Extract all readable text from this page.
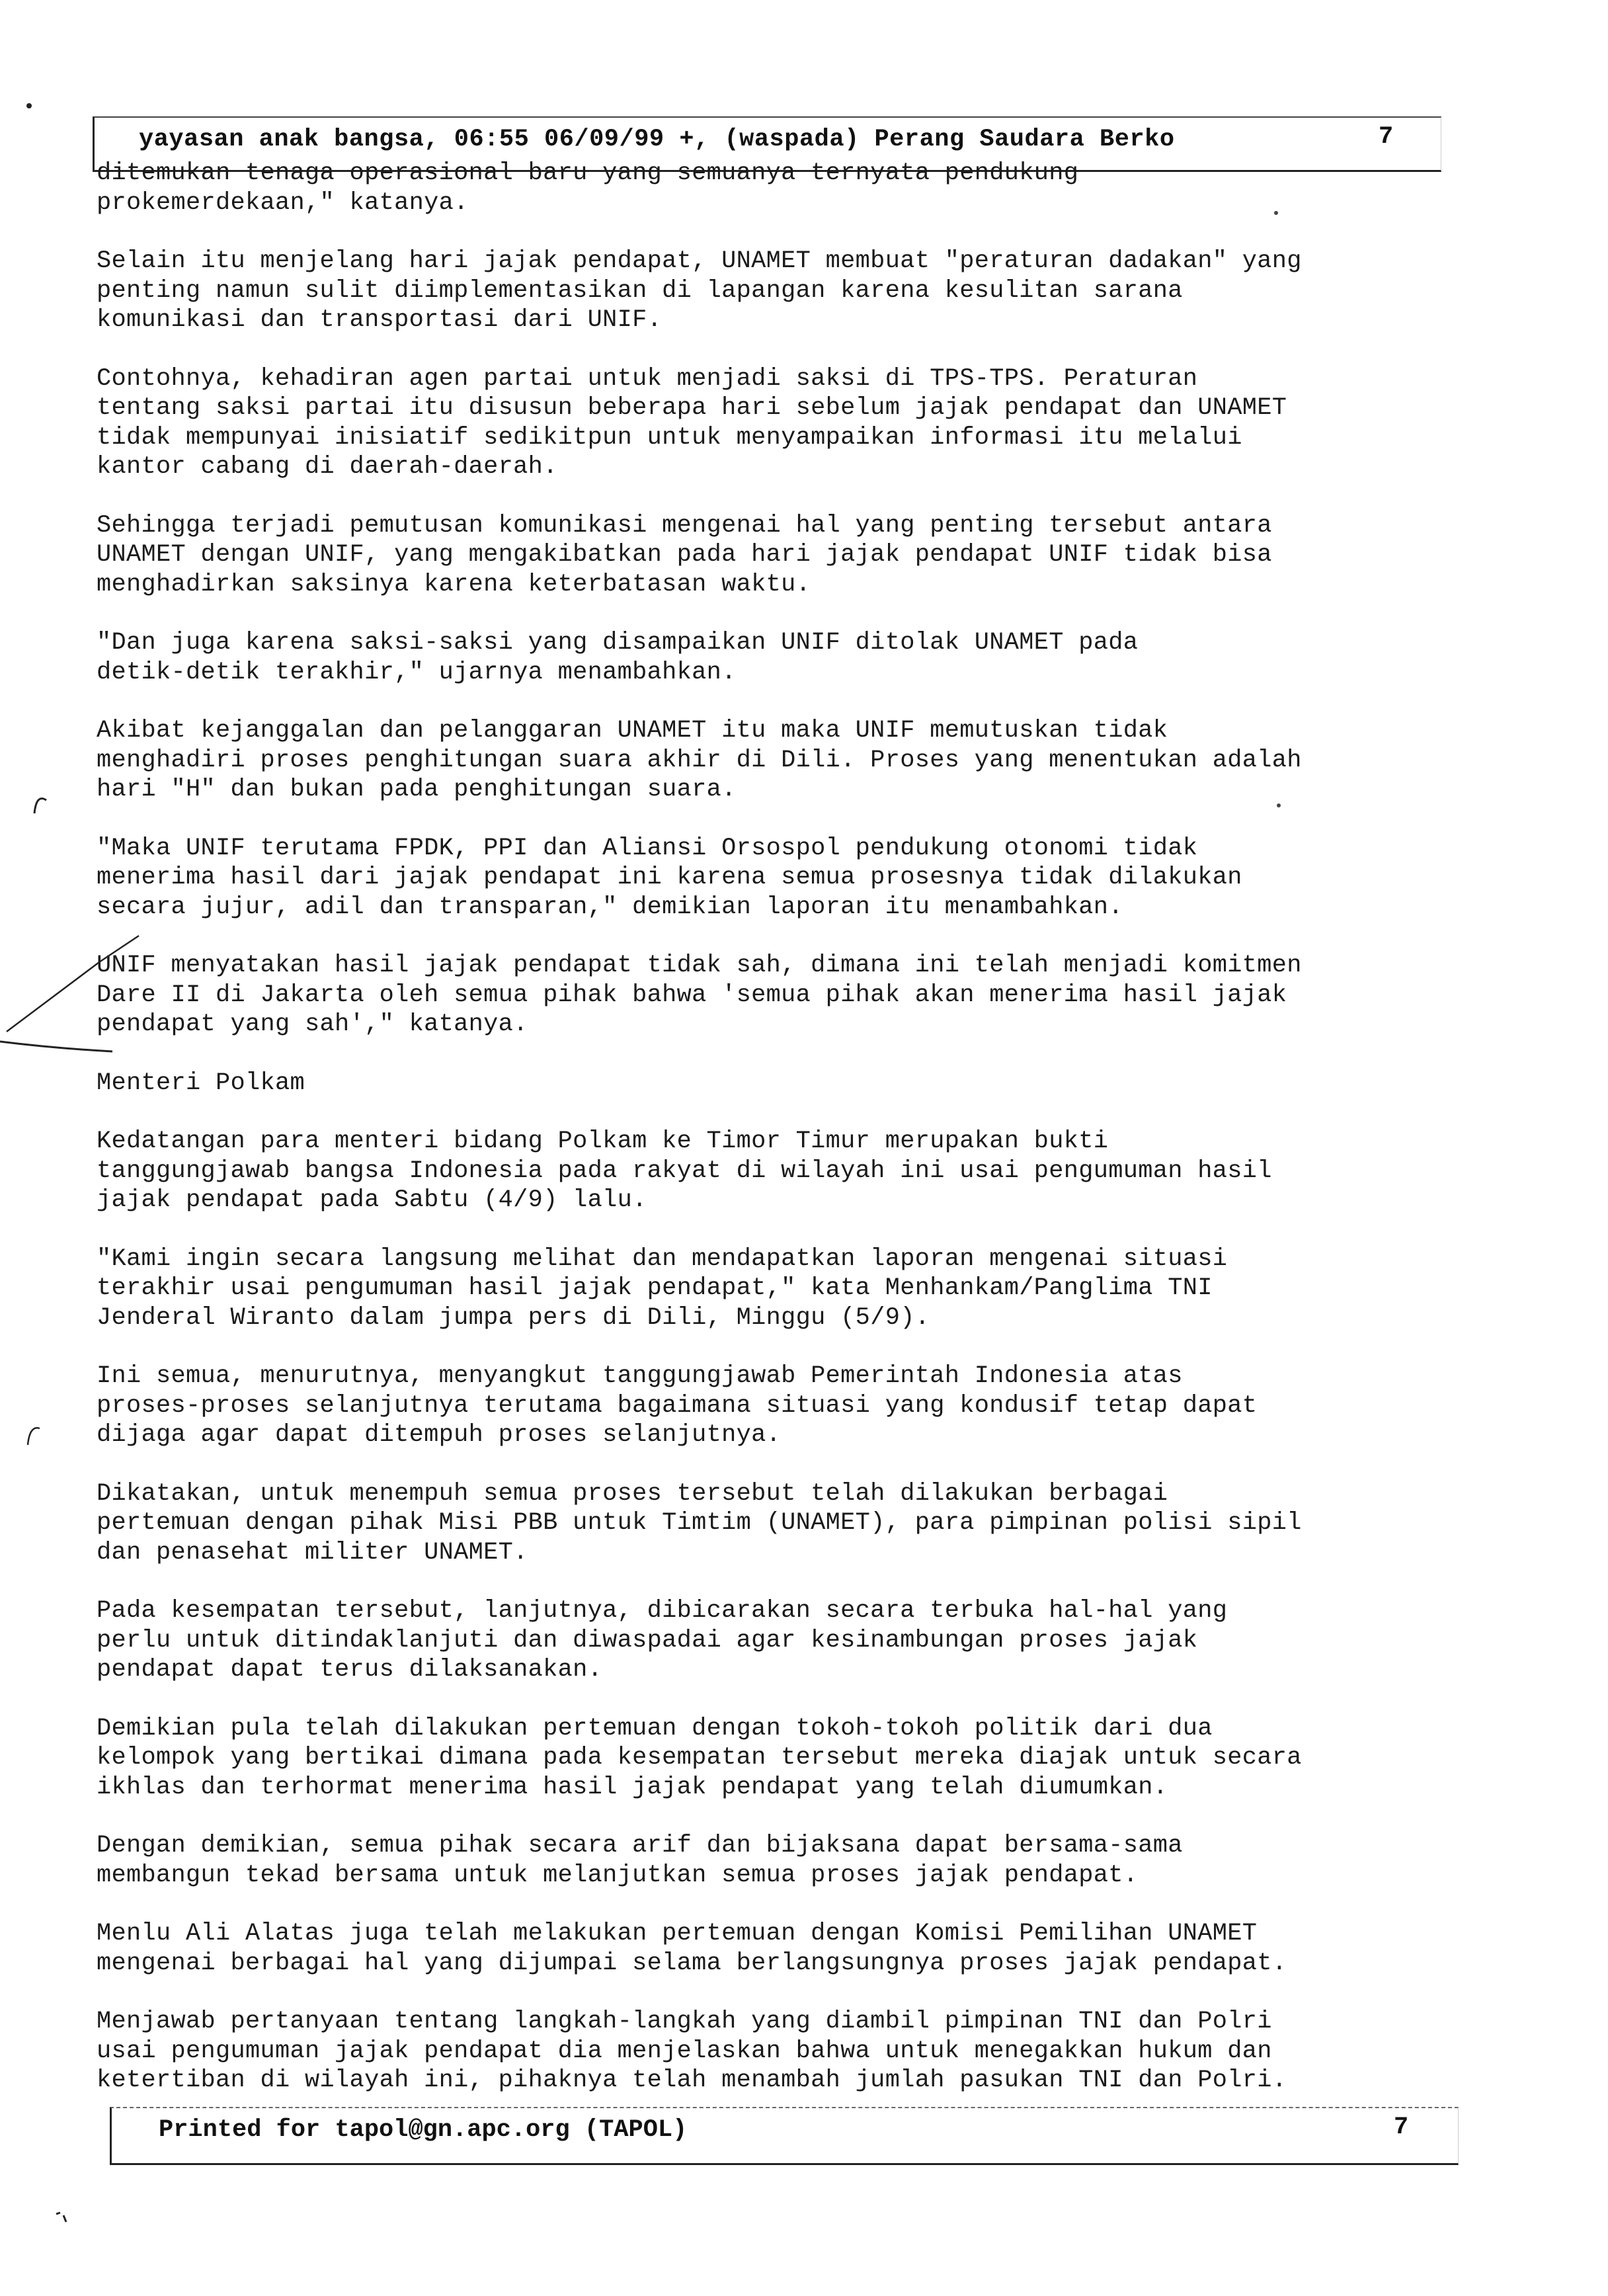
yayasan anak bangsa, 06:55 06/09/99 +, (waspada) Perang Saudara Berko	7

ditemukan tenaga operasional baru yang semuanya ternyata pendukung
prokemerdekaan," katanya.

Selain itu menjelang hari jajak pendapat, UNAMET membuat "peraturan dadakan" yang
penting namun sulit diimplementasikan di lapangan karena kesulitan sarana
komunikasi dan transportasi dari UNIF.

Contohnya, kehadiran agen partai untuk menjadi saksi di TPS-TPS. Peraturan
tentang saksi partai itu disusun beberapa hari sebelum jajak pendapat dan UNAMET
tidak mempunyai inisiatif sedikitpun untuk menyampaikan informasi itu melalui
kantor cabang di daerah-daerah.

Sehingga terjadi pemutusan komunikasi mengenai hal yang penting tersebut antara
UNAMET dengan UNIF, yang mengakibatkan pada hari jajak pendapat UNIF tidak bisa
menghadirkan saksinya karena keterbatasan waktu.

"Dan juga karena saksi-saksi yang disampaikan UNIF ditolak UNAMET pada
detik-detik terakhir," ujarnya menambahkan.

Akibat kejanggalan dan pelanggaran UNAMET itu maka UNIF memutuskan tidak
menghadiri proses penghitungan suara akhir di Dili. Proses yang menentukan adalah
hari "H" dan bukan pada penghitungan suara.

"Maka UNIF terutama FPDK, PPI dan Aliansi Orsospol pendukung otonomi tidak
menerima hasil dari jajak pendapat ini karena semua prosesnya tidak dilakukan
secara jujur, adil dan transparan," demikian laporan itu menambahkan.

UNIF menyatakan hasil jajak pendapat tidak sah, dimana ini telah menjadi komitmen
Dare II di Jakarta oleh semua pihak bahwa 'semua pihak akan menerima hasil jajak
pendapat yang sah'," katanya.

Menteri Polkam

Kedatangan para menteri bidang Polkam ke Timor Timur merupakan bukti
tanggungjawab bangsa Indonesia pada rakyat di wilayah ini usai pengumuman hasil
jajak pendapat pada Sabtu (4/9) lalu.

"Kami ingin secara langsung melihat dan mendapatkan laporan mengenai situasi
terakhir usai pengumuman hasil jajak pendapat," kata Menhankam/Panglima TNI
Jenderal Wiranto dalam jumpa pers di Dili, Minggu (5/9).

Ini semua, menurutnya, menyangkut tanggungjawab Pemerintah Indonesia atas
proses-proses selanjutnya terutama bagaimana situasi yang kondusif tetap dapat
dijaga agar dapat ditempuh proses selanjutnya.

Dikatakan, untuk menempuh semua proses tersebut telah dilakukan berbagai
pertemuan dengan pihak Misi PBB untuk Timtim (UNAMET), para pimpinan polisi sipil
dan penasehat militer UNAMET.

Pada kesempatan tersebut, lanjutnya, dibicarakan secara terbuka hal-hal yang
perlu untuk ditindaklanjuti dan diwaspadai agar kesinambungan proses jajak
pendapat dapat terus dilaksanakan.

Demikian pula telah dilakukan pertemuan dengan tokoh-tokoh politik dari dua
kelompok yang bertikai dimana pada kesempatan tersebut mereka diajak untuk secara
ikhlas dan terhormat menerima hasil jajak pendapat yang telah diumumkan.

Dengan demikian, semua pihak secara arif dan bijaksana dapat bersama-sama
membangun tekad bersama untuk melanjutkan semua proses jajak pendapat.

Menlu Ali Alatas juga telah melakukan pertemuan dengan Komisi Pemilihan UNAMET
mengenai berbagai hal yang dijumpai selama berlangsungnya proses jajak pendapat.

Menjawab pertanyaan tentang langkah-langkah yang diambil pimpinan TNI dan Polri
usai pengumuman jajak pendapat dia menjelaskan bahwa untuk menegakkan hukum dan
ketertiban di wilayah ini, pihaknya telah menambah jumlah pasukan TNI dan Polri.

Printed for tapol@gn.apc.org (TAPOL)	7
